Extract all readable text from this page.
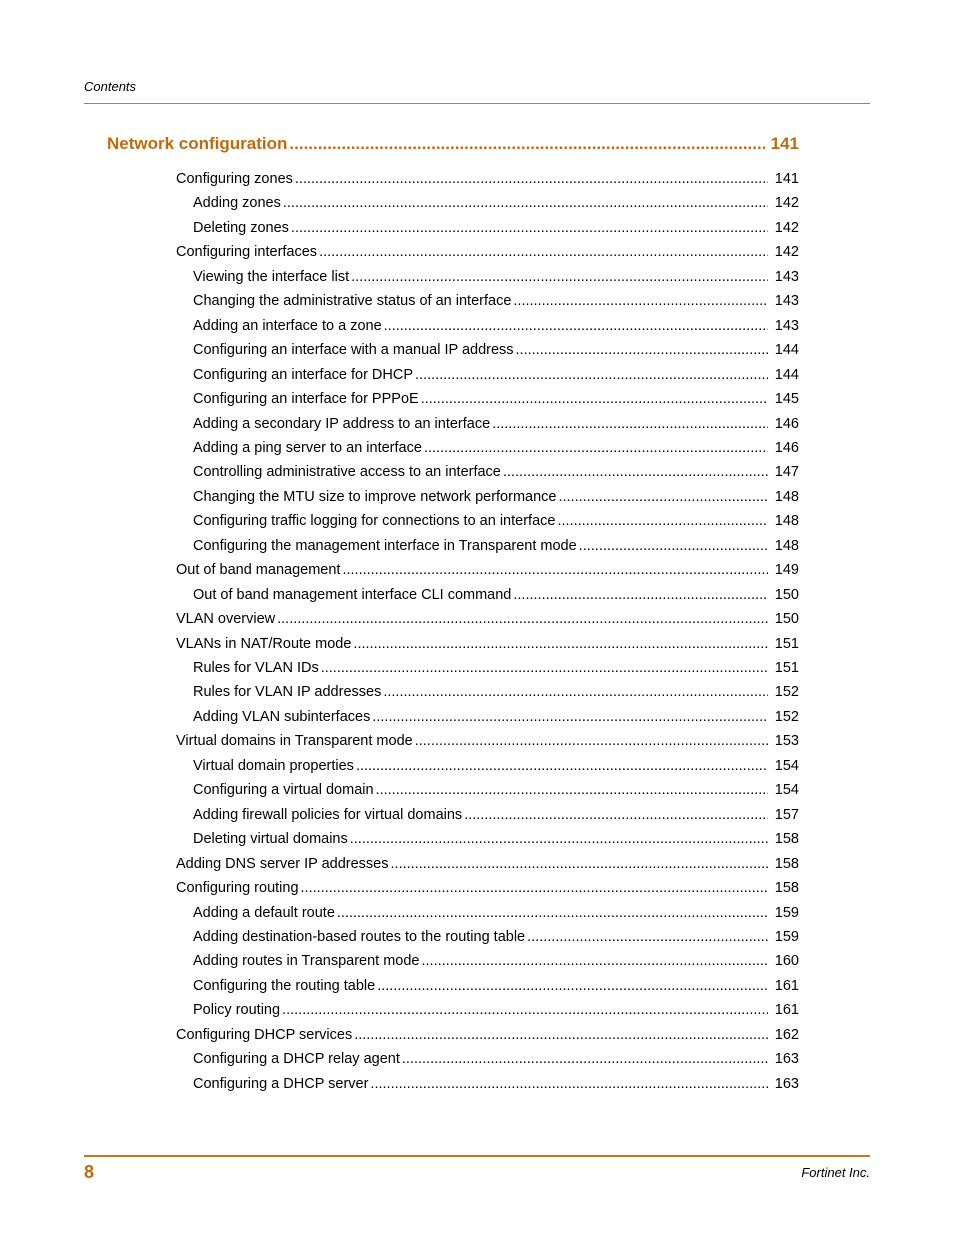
Contents
Network configuration .....	141
Configuring zones .....	141
Adding zones .....	142
Deleting zones .....	142
Configuring interfaces .....	142
Viewing the interface list .....	143
Changing the administrative status of an interface .....	143
Adding an interface to a zone .....	143
Configuring an interface with a manual IP address .....	144
Configuring an interface for DHCP .....	144
Configuring an interface for PPPoE .....	145
Adding a secondary IP address to an interface .....	146
Adding a ping server to an interface .....	146
Controlling administrative access to an interface .....	147
Changing the MTU size to improve network performance .....	148
Configuring traffic logging for connections to an interface .....	148
Configuring the management interface in Transparent mode .....	148
Out of band management .....	149
Out of band management interface CLI command .....	150
VLAN overview .....	150
VLANs in NAT/Route mode .....	151
Rules for VLAN IDs .....	151
Rules for VLAN IP addresses .....	152
Adding VLAN subinterfaces .....	152
Virtual domains in Transparent mode .....	153
Virtual domain properties .....	154
Configuring a virtual domain .....	154
Adding firewall policies for virtual domains .....	157
Deleting virtual domains .....	158
Adding DNS server IP addresses .....	158
Configuring routing .....	158
Adding a default route .....	159
Adding destination-based routes to the routing table .....	159
Adding routes in Transparent mode .....	160
Configuring the routing table .....	161
Policy routing .....	161
Configuring DHCP services .....	162
Configuring a DHCP relay agent .....	163
Configuring a DHCP server .....	163
8	Fortinet Inc.
